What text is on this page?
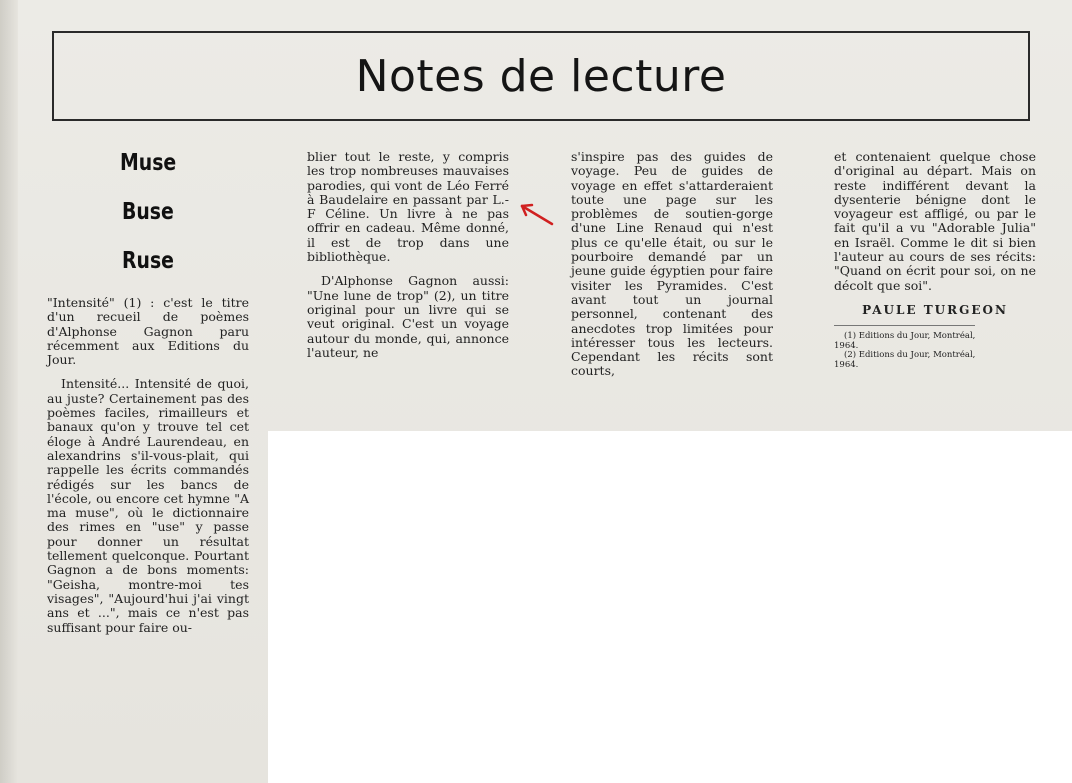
Notes de lecture
Muse
Buse
Ruse

"Intensité" (1) : c'est le titre d'un recueil de poèmes d'Alphonse Gagnon paru récemment aux Editions du Jour.

Intensité... Intensité de quoi, au juste? Certainement pas des poèmes faciles, rimailleurs et banaux qu'on y trouve tel cet éloge à André Laurendeau, en alexandrins s'il-vous-plait, qui rappelle les écrits commandés rédigés sur les bancs de l'école, ou encore cet hymne "A ma muse", où le dictionnaire des rimes en "use" y passe pour donner un résultat tellement quelconque. Pourtant Gagnon a de bons moments: "Geisha, montre-moi tes visages", "Aujourd'hui j'ai vingt ans et ...", mais ce n'est pas suffisant pour faire ou-

blier tout le reste, y compris les trop nombreuses mauvaises parodies, qui vont de Léo Ferré à Baudelaire en passant par L.-F Céline. Un livre à ne pas offrir en cadeau. Même donné, il est de trop dans une bibliothèque.

D'Alphonse Gagnon aussi: "Une lune de trop" (2), un titre original pour un livre qui se veut original. C'est un voyage autour du monde, qui, annonce l'auteur, ne

s'inspire pas des guides de voyage. Peu de guides de voyage en effet s'attarderaient toute une page sur les problèmes de soutien-gorge d'une Line Renaud qui n'est plus ce qu'elle était, ou sur le pourboire demandé par un jeune guide égyptien pour faire visiter les Pyramides. C'est avant tout un journal personnel, contenant des anecdotes trop limitées pour intéresser tous les lecteurs. Cependant les récits sont courts,

et contenaient quelque chose d'original au départ. Mais on reste indifférent devant la dysenterie bénigne dont le voyageur est affligé, ou par le fait qu'il a vu "Adorable Julia" en Israël. Comme le dit si bien l'auteur au cours de ses récits: "Quand on écrit pour soi, on ne décolt que soi".

PAULE TURGEON
(1) Editions du Jour, Montréal, 1964.
(2) Editions du Jour, Montréal, 1964.
